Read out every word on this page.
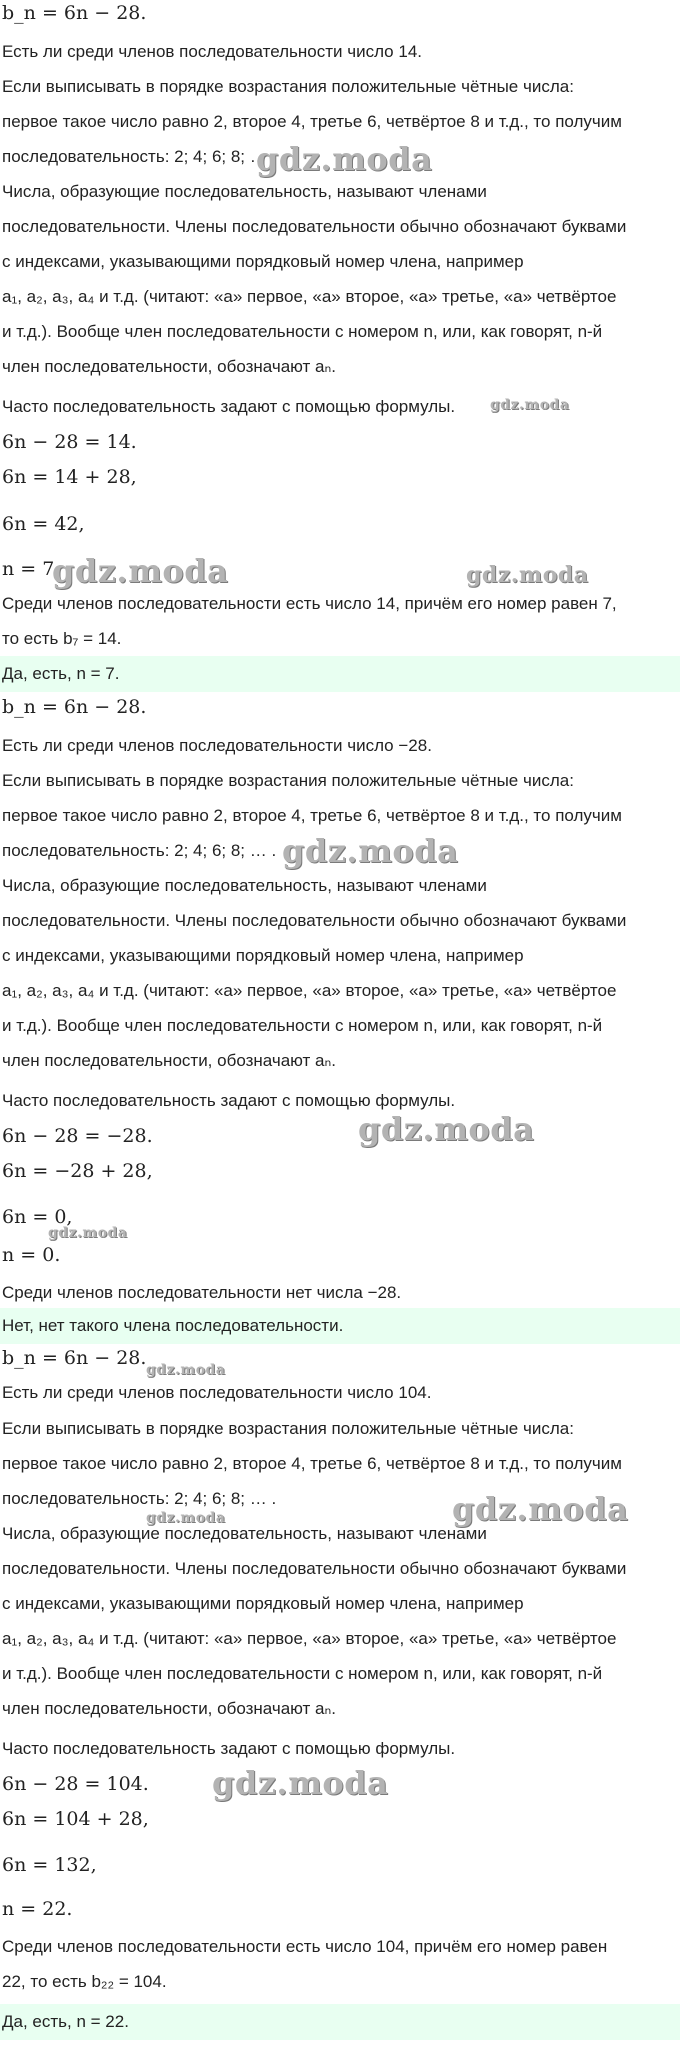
b_n = 6n − 28.
Есть ли среди членов последовательности число 14.
Если выписывать в порядке возрастания положительные чётные числа:
первое такое число равно 2, второе 4, третье 6, четвёртое 8 и т.д., то получим
последовательность: 2; 4; 6; 8; …
Числа, образующие последовательность, называют членами
последовательности. Члены последовательности обычно обозначают буквами
с индексами, указывающими порядковый номер члена, например
a₁, a₂, a₃, a₄ и т.д. (читают: «a» первое, «a» второе, «a» третье, «a» четвёртое
и т.д.). Вообще член последовательности с номером n, или, как говорят, n-й
член последовательности, обозначают aₙ.
Часто последовательность задают с помощью формулы.
6n − 28 = 14.
6n = 14 + 28,
6n = 42,
n = 7.
Среди членов последовательности есть число 14, причём его номер равен 7,
то есть b₇ = 14.
Да, есть, n = 7.
b_n = 6n − 28.
Есть ли среди членов последовательности число −28.
Если выписывать в порядке возрастания положительные чётные числа:
первое такое число равно 2, второе 4, третье 6, четвёртое 8 и т.д., то получим
последовательность: 2; 4; 6; 8; … .
Числа, образующие последовательность, называют членами
последовательности. Члены последовательности обычно обозначают буквами
с индексами, указывающими порядковый номер члена, например
a₁, a₂, a₃, a₄ и т.д. (читают: «a» первое, «a» второе, «a» третье, «a» четвёртое
и т.д.). Вообще член последовательности с номером n, или, как говорят, n-й
член последовательности, обозначают aₙ.
Часто последовательность задают с помощью формулы.
6n − 28 = −28.
6n = −28 + 28,
6n = 0,
n = 0.
Среди членов последовательности нет числа −28.
Нет, нет такого члена последовательности.
b_n = 6n − 28.
Есть ли среди членов последовательности число 104.
Если выписывать в порядке возрастания положительные чётные числа:
первое такое число равно 2, второе 4, третье 6, четвёртое 8 и т.д., то получим
последовательность: 2; 4; 6; 8; … .
Числа, образующие последовательность, называют членами
последовательности. Члены последовательности обычно обозначают буквами
с индексами, указывающими порядковый номер члена, например
a₁, a₂, a₃, a₄ и т.д. (читают: «a» первое, «a» второе, «a» третье, «a» четвёртое
и т.д.). Вообще член последовательности с номером n, или, как говорят, n-й
член последовательности, обозначают aₙ.
Часто последовательность задают с помощью формулы.
6n − 28 = 104.
6n = 104 + 28,
6n = 132,
n = 22.
Среди членов последовательности есть число 104, причём его номер равен
22, то есть b₂₂ = 104.
Да, есть, n = 22.
gdz.moda
gdz.moda
gdz.moda	gdz.moda
gdz.moda
gdz.moda
gdz.moda
gdz.moda
gdz.moda
gdz.moda
gdz.moda
